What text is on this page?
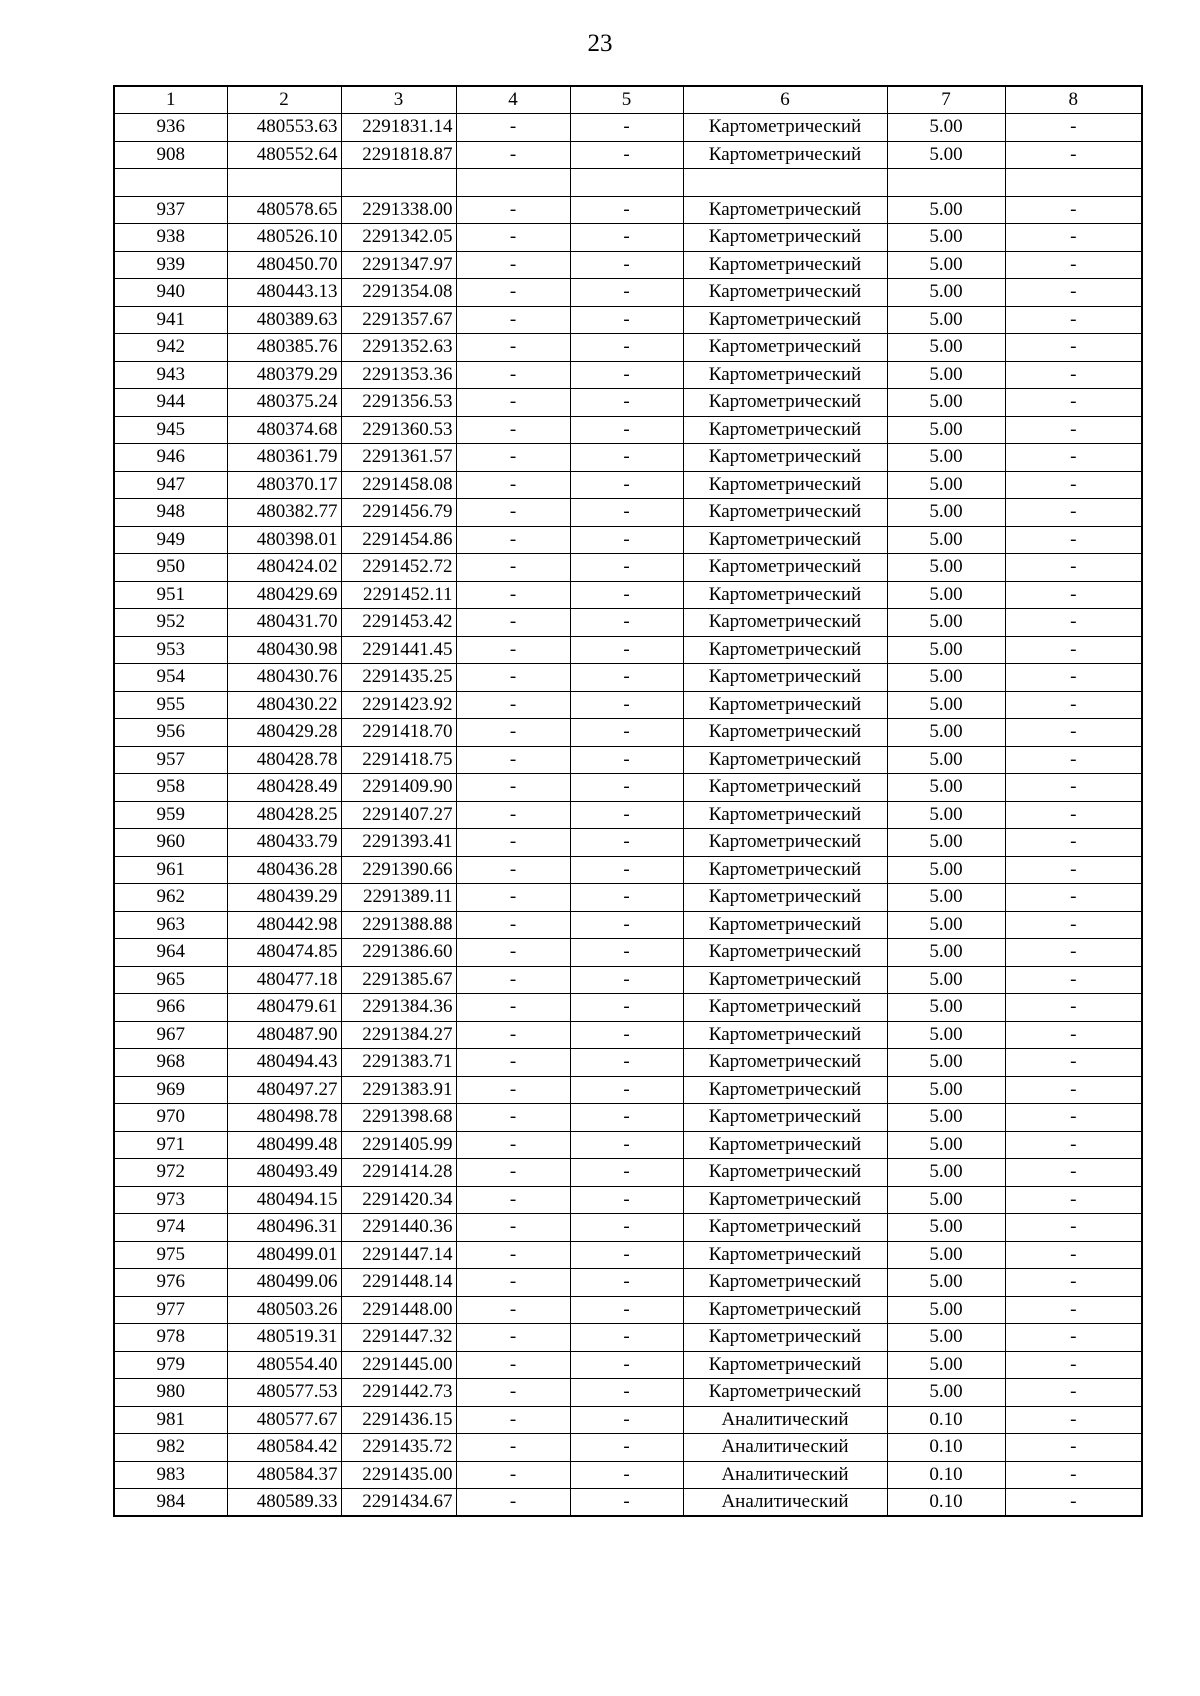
23
1	2	3	4	5	6	7	8
936	480553.63	2291831.14	-	-	Картометрический	5.00	-
908	480552.64	2291818.87	-	-	Картометрический	5.00	-

937	480578.65	2291338.00	-	-	Картометрический	5.00	-
938	480526.10	2291342.05	-	-	Картометрический	5.00	-
939	480450.70	2291347.97	-	-	Картометрический	5.00	-
940	480443.13	2291354.08	-	-	Картометрический	5.00	-
941	480389.63	2291357.67	-	-	Картометрический	5.00	-
942	480385.76	2291352.63	-	-	Картометрический	5.00	-
943	480379.29	2291353.36	-	-	Картометрический	5.00	-
944	480375.24	2291356.53	-	-	Картометрический	5.00	-
945	480374.68	2291360.53	-	-	Картометрический	5.00	-
946	480361.79	2291361.57	-	-	Картометрический	5.00	-
947	480370.17	2291458.08	-	-	Картометрический	5.00	-
948	480382.77	2291456.79	-	-	Картометрический	5.00	-
949	480398.01	2291454.86	-	-	Картометрический	5.00	-
950	480424.02	2291452.72	-	-	Картометрический	5.00	-
951	480429.69	2291452.11	-	-	Картометрический	5.00	-
952	480431.70	2291453.42	-	-	Картометрический	5.00	-
953	480430.98	2291441.45	-	-	Картометрический	5.00	-
954	480430.76	2291435.25	-	-	Картометрический	5.00	-
955	480430.22	2291423.92	-	-	Картометрический	5.00	-
956	480429.28	2291418.70	-	-	Картометрический	5.00	-
957	480428.78	2291418.75	-	-	Картометрический	5.00	-
958	480428.49	2291409.90	-	-	Картометрический	5.00	-
959	480428.25	2291407.27	-	-	Картометрический	5.00	-
960	480433.79	2291393.41	-	-	Картометрический	5.00	-
961	480436.28	2291390.66	-	-	Картометрический	5.00	-
962	480439.29	2291389.11	-	-	Картометрический	5.00	-
963	480442.98	2291388.88	-	-	Картометрический	5.00	-
964	480474.85	2291386.60	-	-	Картометрический	5.00	-
965	480477.18	2291385.67	-	-	Картометрический	5.00	-
966	480479.61	2291384.36	-	-	Картометрический	5.00	-
967	480487.90	2291384.27	-	-	Картометрический	5.00	-
968	480494.43	2291383.71	-	-	Картометрический	5.00	-
969	480497.27	2291383.91	-	-	Картометрический	5.00	-
970	480498.78	2291398.68	-	-	Картометрический	5.00	-
971	480499.48	2291405.99	-	-	Картометрический	5.00	-
972	480493.49	2291414.28	-	-	Картометрический	5.00	-
973	480494.15	2291420.34	-	-	Картометрический	5.00	-
974	480496.31	2291440.36	-	-	Картометрический	5.00	-
975	480499.01	2291447.14	-	-	Картометрический	5.00	-
976	480499.06	2291448.14	-	-	Картометрический	5.00	-
977	480503.26	2291448.00	-	-	Картометрический	5.00	-
978	480519.31	2291447.32	-	-	Картометрический	5.00	-
979	480554.40	2291445.00	-	-	Картометрический	5.00	-
980	480577.53	2291442.73	-	-	Картометрический	5.00	-
981	480577.67	2291436.15	-	-	Аналитический	0.10	-
982	480584.42	2291435.72	-	-	Аналитический	0.10	-
983	480584.37	2291435.00	-	-	Аналитический	0.10	-
984	480589.33	2291434.67	-	-	Аналитический	0.10	-
